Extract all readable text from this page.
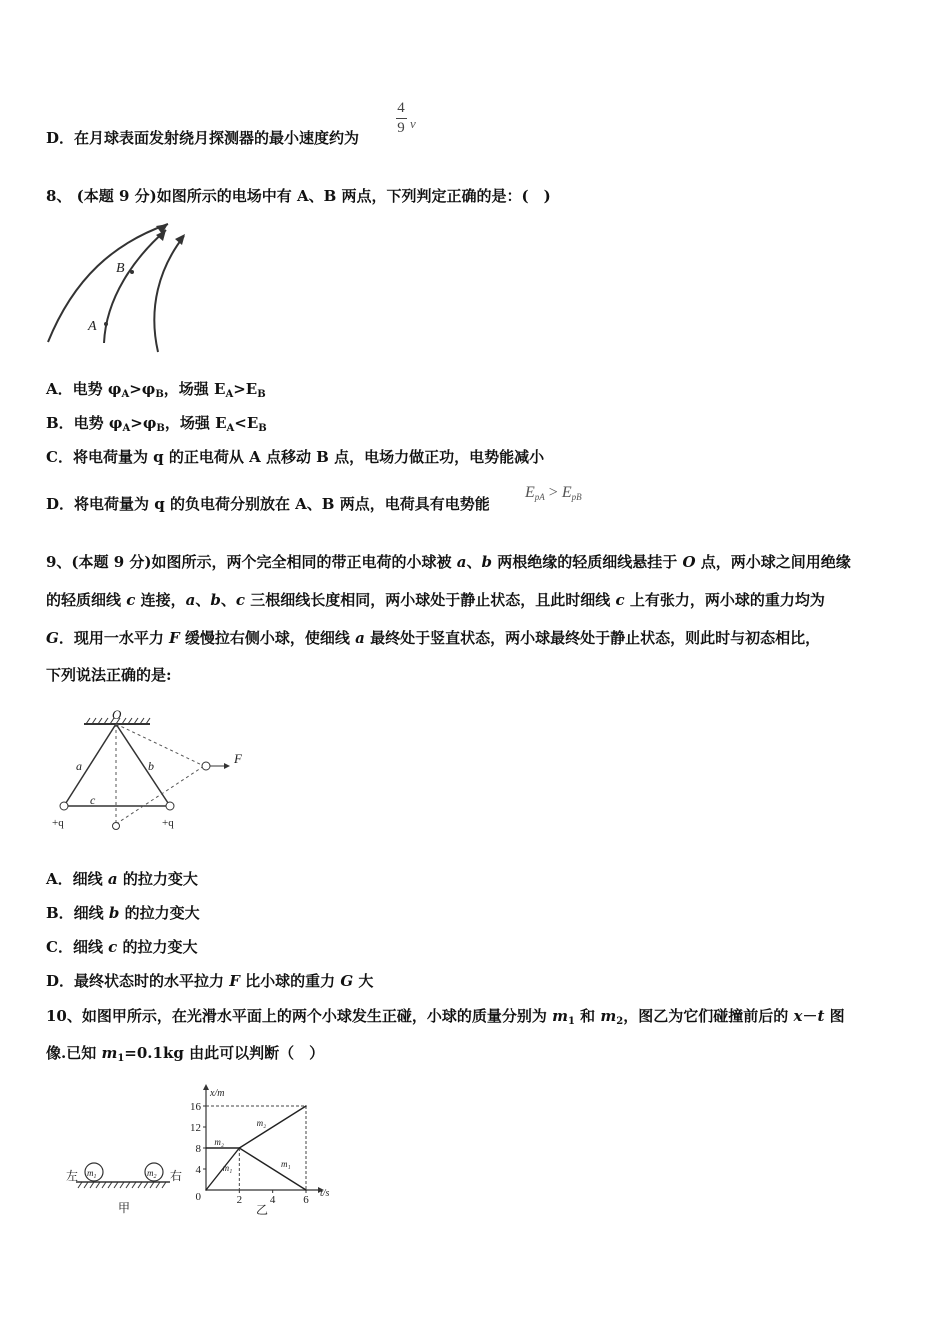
D．在月球表面发射绕月探测器的最小速度约为
4
9 v
8、 (本题 9 分)如图所示的电场中有 A、B 两点，下列判定正确的是：(　)
B
A
A．电势 $\varphi_A>\varphi_B$，场强 $E_A>E_B$
B．电势 $\varphi_A>\varphi_B$，场强 $E_A<E_B$
C．将电荷量为 q 的正电荷从 A 点移动 B 点，电场力做正功，电势能减小
D．将电荷量为 q 的负电荷分别放在 A、B 两点，电荷具有电势能
$E_{pA} > E_{pB}$
9、(本题 9 分)如图所示，两个完全相同的带正电荷的小球被 a、b 两根绝缘的轻质细线悬挂于 O 点，两小球之间用绝缘
的轻质细线 c 连接，a、b、c 三根细线长度相同，两小球处于静止状态，且此时细线 c 上有张力，两小球的重力均为
G．现用一水平力 F 缓慢拉右侧小球，使细线 a 最终处于竖直状态，两小球最终处于静止状态，则此时与初态相比，
下列说法正确的是:
O
F
a	b
c
+q	+q
A．细线 a 的拉力变大
B．细线 b 的拉力变大
C．细线 c 的拉力变大
D．最终状态时的水平拉力 F 比小球的重力 G 大
10、如图甲所示，在光滑水平面上的两个小球发生正碰，小球的质量分别为 $m_1$ 和 $m_2$，图乙为它们碰撞前后的 x－t 图
像.已知 $m_1=0.1kg$ 由此可以判断（　）
左	右
$m_1$	$m_2$
甲
16
12
8
4
0	2	4	6
x/m
t/s
m₂
m₂
m₁	m₁
乙
